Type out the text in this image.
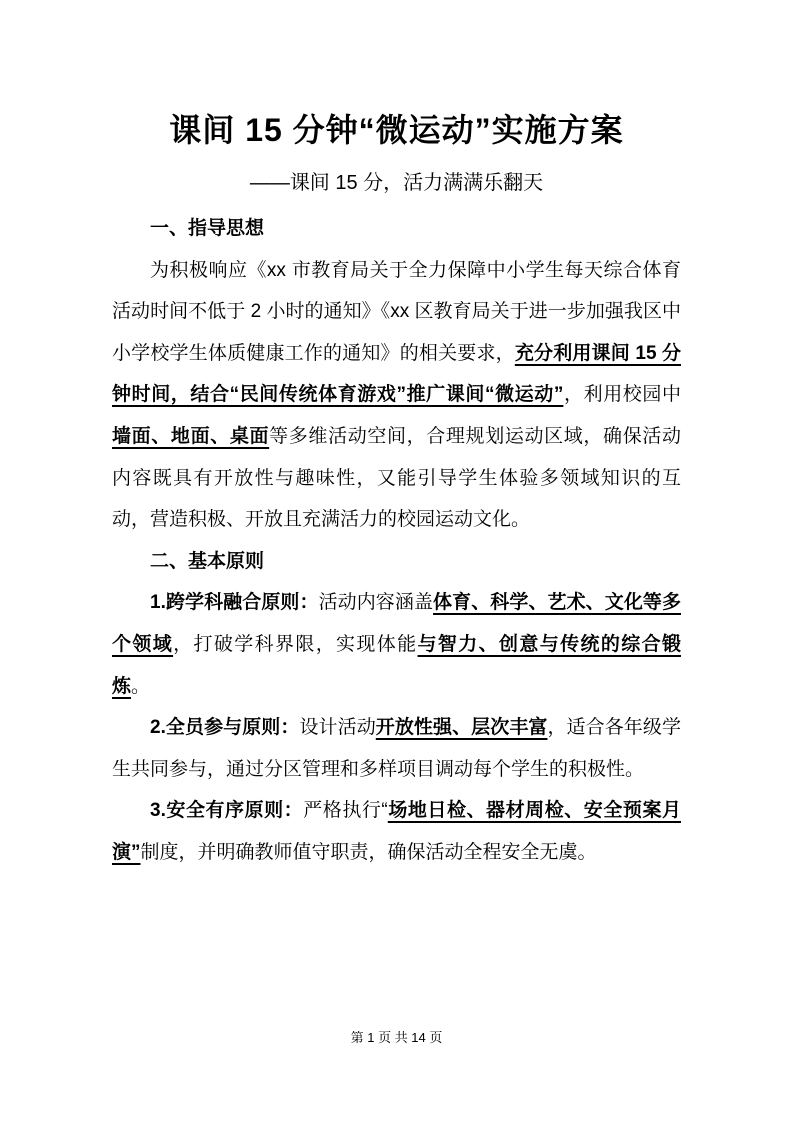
课间 15 分钟“微运动”实施方案
——课间 15 分，活力满满乐翻天

一、指导思想

为积极响应《xx 市教育局关于全力保障中小学生每天综合体育活动时间不低于 2 小时的通知》《xx 区教育局关于进一步加强我区中小学校学生体质健康工作的通知》的相关要求，充分利用课间 15 分钟时间，结合“民间传统体育游戏”推广课间“微运动”，利用校园中墙面、地面、桌面等多维活动空间，合理规划运动区域，确保活动内容既具有开放性与趣味性，又能引导学生体验多领域知识的互动，营造积极、开放且充满活力的校园运动文化。

二、基本原则

1.跨学科融合原则：活动内容涵盖体育、科学、艺术、文化等多个领域，打破学科界限，实现体能与智力、创意与传统的综合锻炼。

2.全员参与原则：设计活动开放性强、层次丰富，适合各年级学生共同参与，通过分区管理和多样项目调动每个学生的积极性。

3.安全有序原则：严格执行“场地日检、器材周检、安全预案月演”制度，并明确教师值守职责，确保活动全程安全无虞。

第 1 页 共 14 页
